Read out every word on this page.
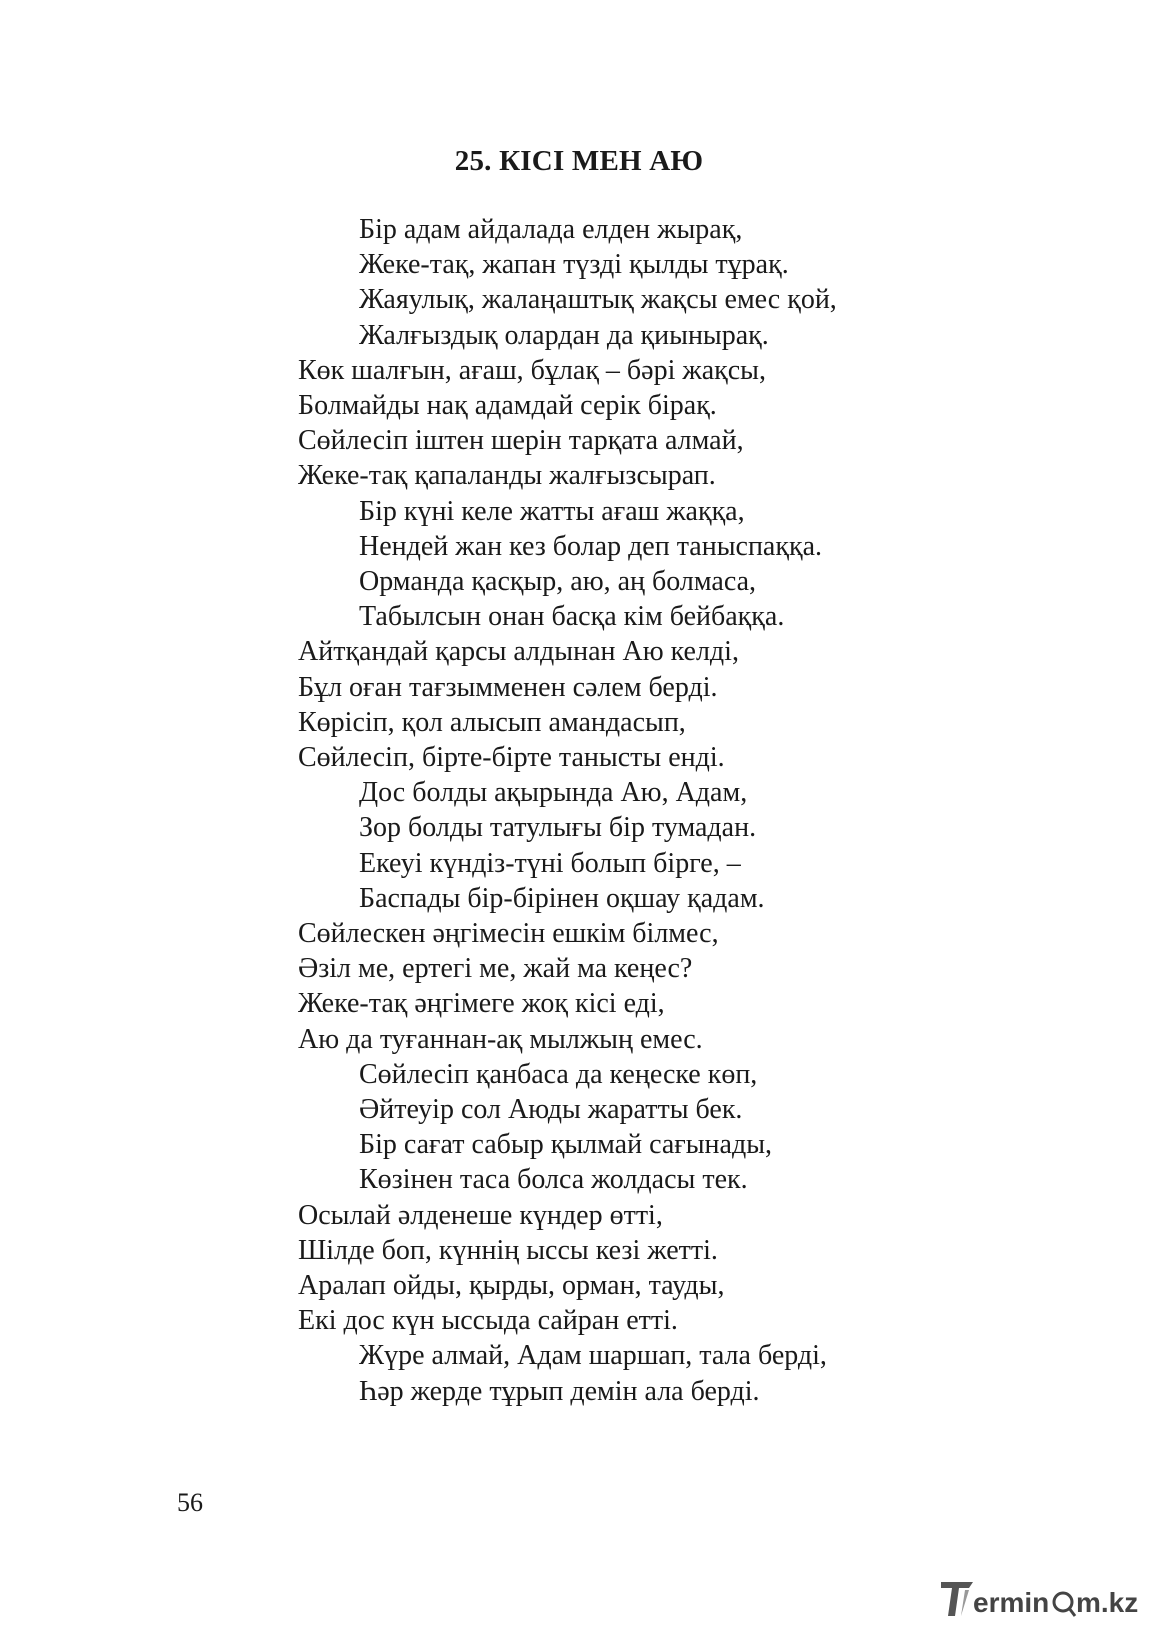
25. КІСІ МЕН АЮ
Бір адам айдалада елден жырақ,
Жеке-тақ, жапан түзді қылды тұрақ.
Жаяулық, жалаңаштық жақсы емес қой,
Жалғыздық олардан да қиынырақ.
Көк шалғын, ағаш, бұлақ – бәрі жақсы,
Болмайды нақ адамдай серік бірақ.
Сөйлесіп іштен шерін тарқата алмай,
Жеке-тақ қапаланды жалғызсырап.
Бір күні келе жатты ағаш жаққа,
Нендей жан кез болар деп таныспаққа.
Орманда қасқыр, аю, аң болмаса,
Табылсын онан басқа кім бейбаққа.
Айтқандай қарсы алдынан Аю келді,
Бұл оған тағзымменен сәлем берді.
Көрісіп, қол алысып амандасып,
Сөйлесіп, бірте-бірте танысты енді.
Дос болды ақырында Аю, Адам,
Зор болды татулығы бір тумадан.
Екеуі күндіз-түні болып бірге, –
Баспады бір-бірінен оқшау қадам.
Сөйлескен әңгімесін ешкім білмес,
Әзіл ме, ертегі ме, жай ма кеңес?
Жеке-тақ әңгімеге жоқ кісі еді,
Аю да туғаннан-ақ мылжың емес.
Сөйлесіп қанбаса да кеңеске көп,
Әйтеуір сол Аюды жаратты бек.
Бір сағат сабыр қылмай сағынады,
Көзінен таса болса жолдасы тек.
Осылай әлденеше күндер өтті,
Шілде боп, күннің ыссы кезі жетті.
Аралап ойды, қырды, орман, тауды,
Екі дос күн ыссыда сайран етті.
Жүре алмай, Адам шаршап, тала берді,
Һәр жерде тұрып демін ала берді.
56
ermin m.kz
